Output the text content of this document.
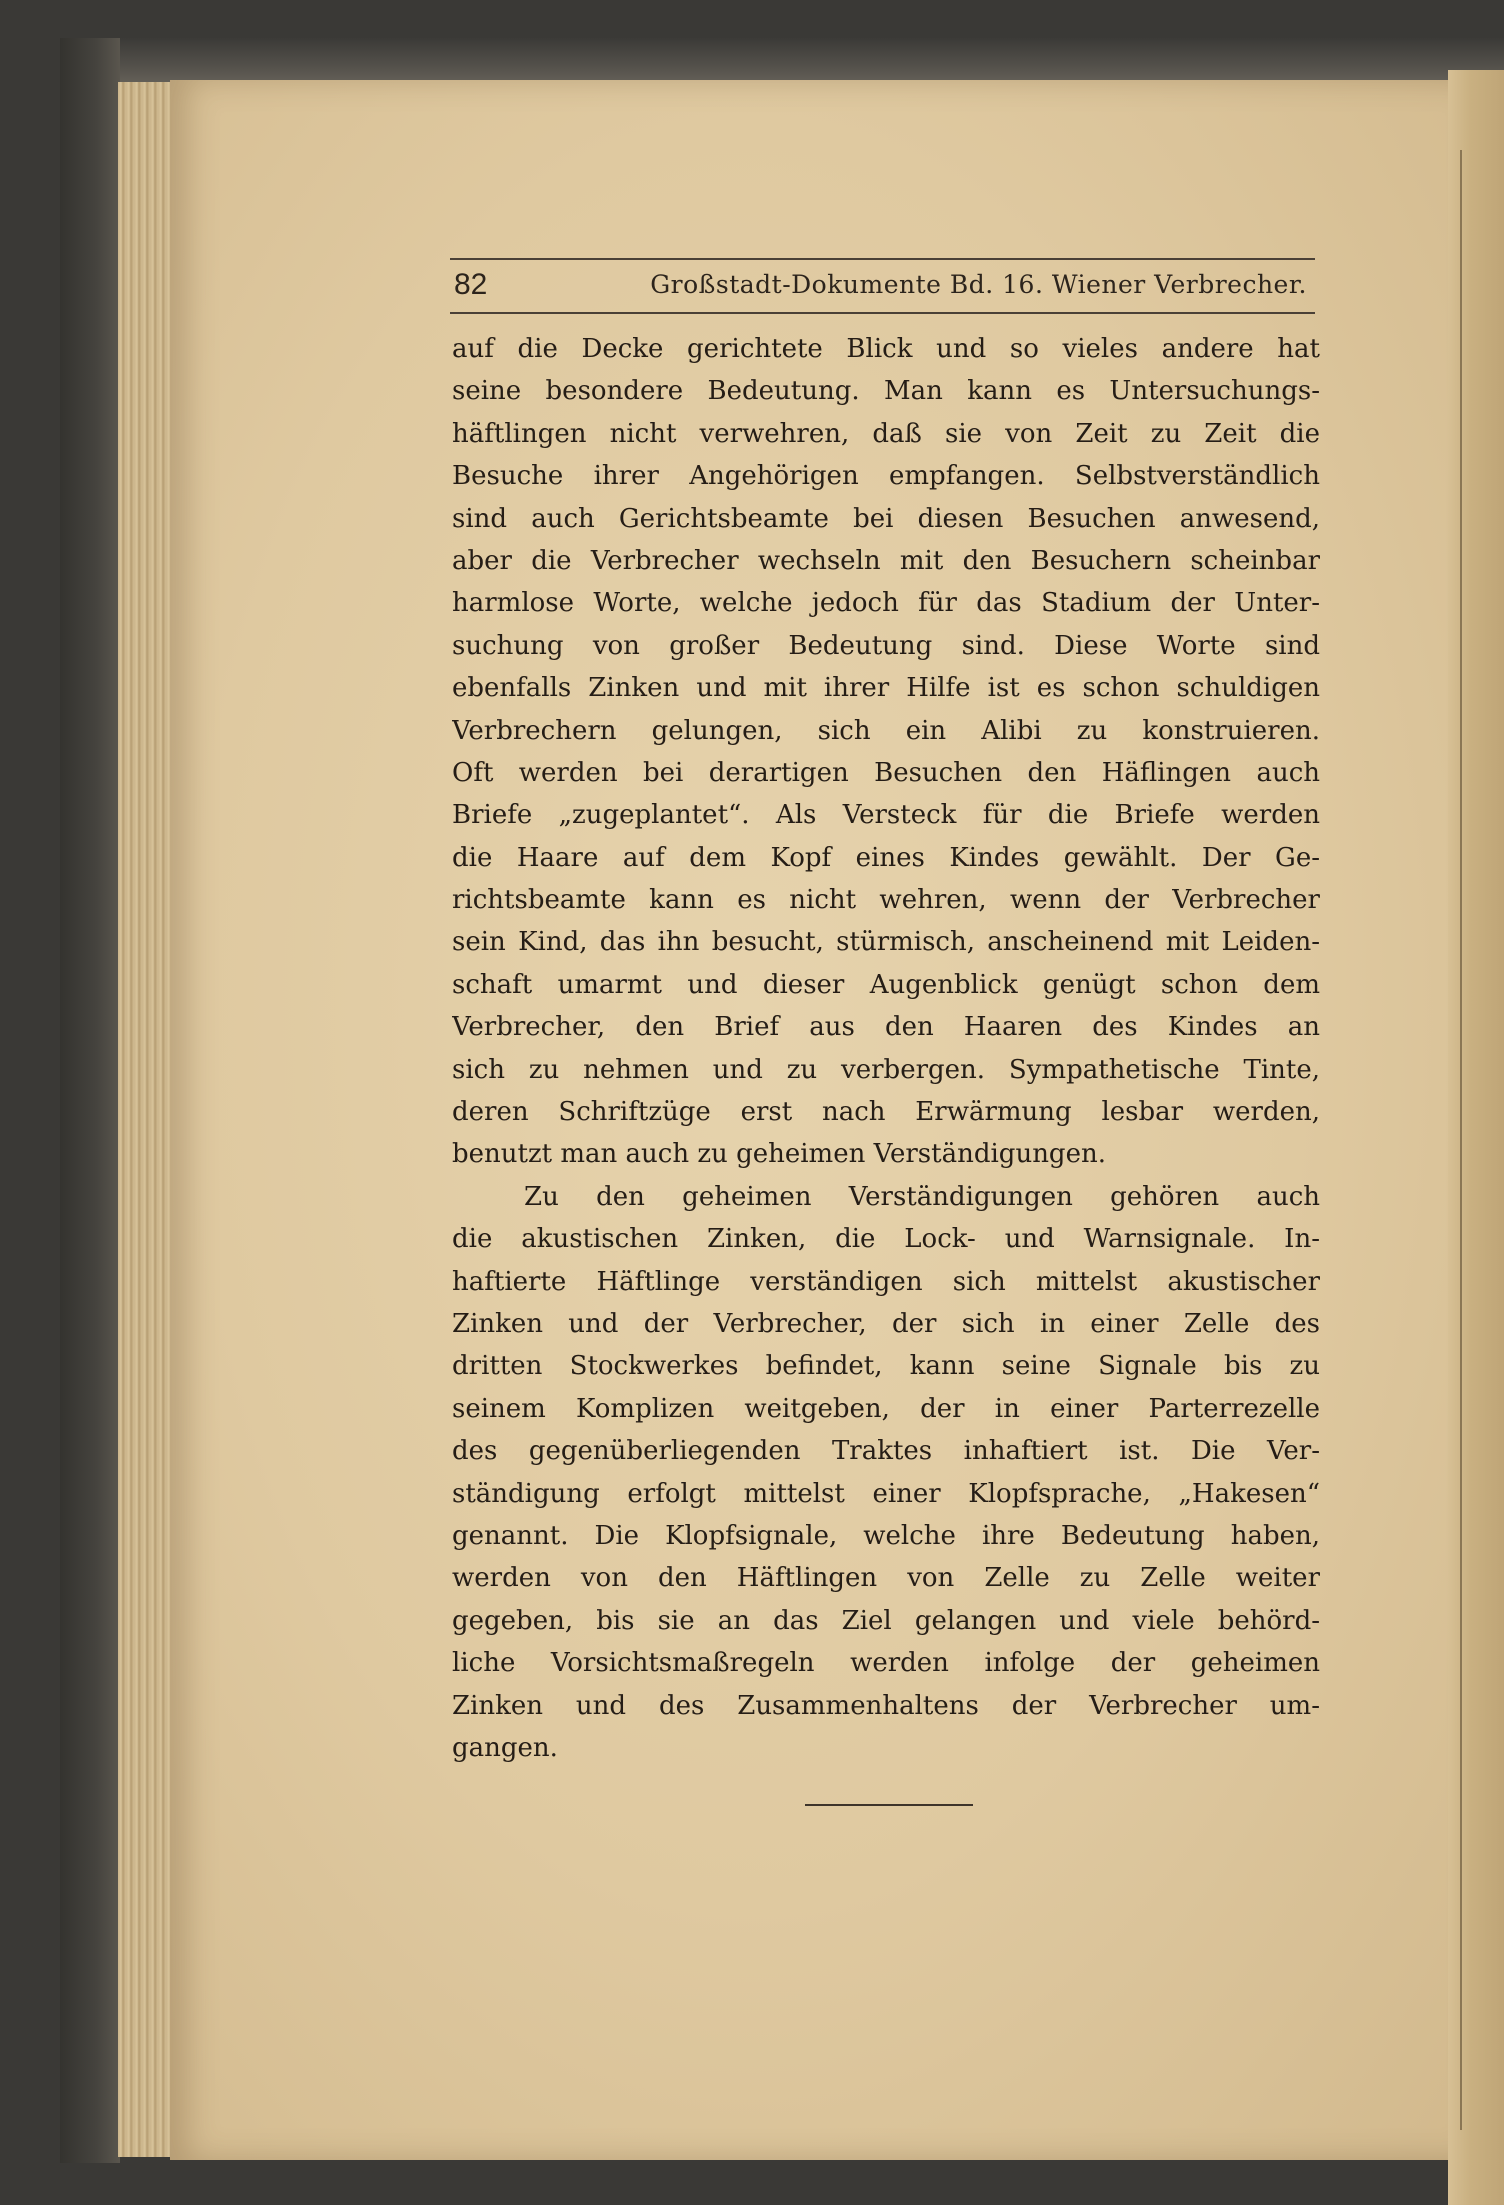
82	Großstadt-Dokumente Bd. 16. Wiener Verbrecher.
auf die Decke gerichtete Blick und so vieles andere hat
seine besondere Bedeutung. Man kann es Untersuchungs-
häftlingen nicht verwehren, daß sie von Zeit zu Zeit die
Besuche ihrer Angehörigen empfangen. Selbstverständlich
sind auch Gerichtsbeamte bei diesen Besuchen anwesend,
aber die Verbrecher wechseln mit den Besuchern scheinbar
harmlose Worte, welche jedoch für das Stadium der Unter-
suchung von großer Bedeutung sind. Diese Worte sind
ebenfalls Zinken und mit ihrer Hilfe ist es schon schuldigen
Verbrechern gelungen, sich ein Alibi zu konstruieren.
Oft werden bei derartigen Besuchen den Häflingen auch
Briefe „zugeplantet“. Als Versteck für die Briefe werden
die Haare auf dem Kopf eines Kindes gewählt. Der Ge-
richtsbeamte kann es nicht wehren, wenn der Verbrecher
sein Kind, das ihn besucht, stürmisch, anscheinend mit Leiden-
schaft umarmt und dieser Augenblick genügt schon dem
Verbrecher, den Brief aus den Haaren des Kindes an
sich zu nehmen und zu verbergen. Sympathetische Tinte,
deren Schriftzüge erst nach Erwärmung lesbar werden,
benutzt man auch zu geheimen Verständigungen.
Zu den geheimen Verständigungen gehören auch
die akustischen Zinken, die Lock- und Warnsignale. In-
haftierte Häftlinge verständigen sich mittelst akustischer
Zinken und der Verbrecher, der sich in einer Zelle des
dritten Stockwerkes befindet, kann seine Signale bis zu
seinem Komplizen weitgeben, der in einer Parterrezelle
des gegenüberliegenden Traktes inhaftiert ist. Die Ver-
ständigung erfolgt mittelst einer Klopfsprache, „Hakesen“
genannt. Die Klopfsignale, welche ihre Bedeutung haben,
werden von den Häftlingen von Zelle zu Zelle weiter
gegeben, bis sie an das Ziel gelangen und viele behörd-
liche Vorsichtsmaßregeln werden infolge der geheimen
Zinken und des Zusammenhaltens der Verbrecher um-
gangen.
